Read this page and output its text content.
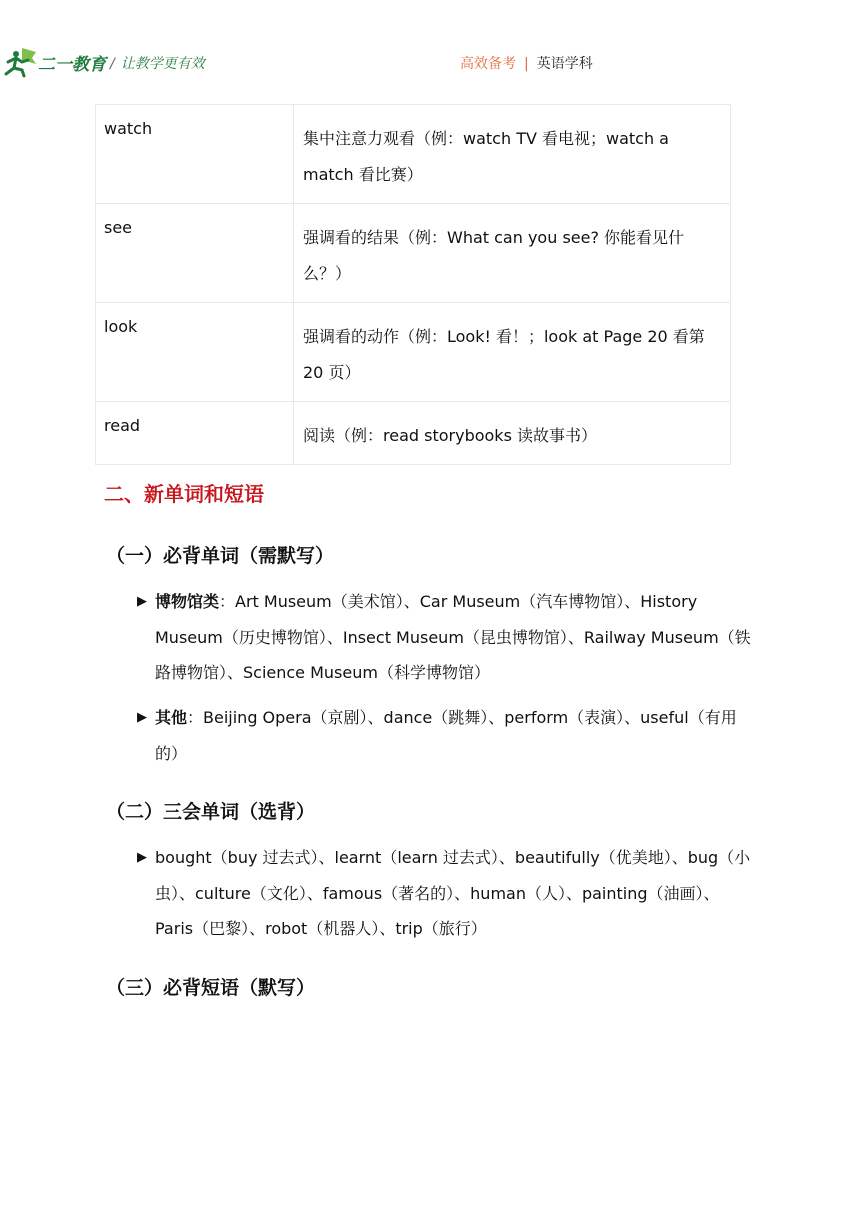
二一教育 / 让教学更有效	高效备考 | 英语学科
watch	集中注意力观看（例：watch TV 看电视；watch a match 看比赛）
see	强调看的结果（例：What can you see? 你能看见什么？）
look	强调看的动作（例：Look! 看！；look at Page 20 看第 20 页）
read	阅读（例：read storybooks 读故事书）
二、新单词和短语
（一）必背单词（需默写）
▶ 博物馆类：Art Museum（美术馆）、Car Museum（汽车博物馆）、History Museum（历史博物馆）、Insect Museum（昆虫博物馆）、Railway Museum（铁路博物馆）、Science Museum（科学博物馆）
▶ 其他：Beijing Opera（京剧）、dance（跳舞）、perform（表演）、useful（有用的）
（二）三会单词（选背）
▶ bought（buy 过去式）、learnt（learn 过去式）、beautifully（优美地）、bug（小虫）、culture（文化）、famous（著名的）、human（人）、painting（油画）、Paris（巴黎）、robot（机器人）、trip（旅行）
（三）必背短语（默写）
